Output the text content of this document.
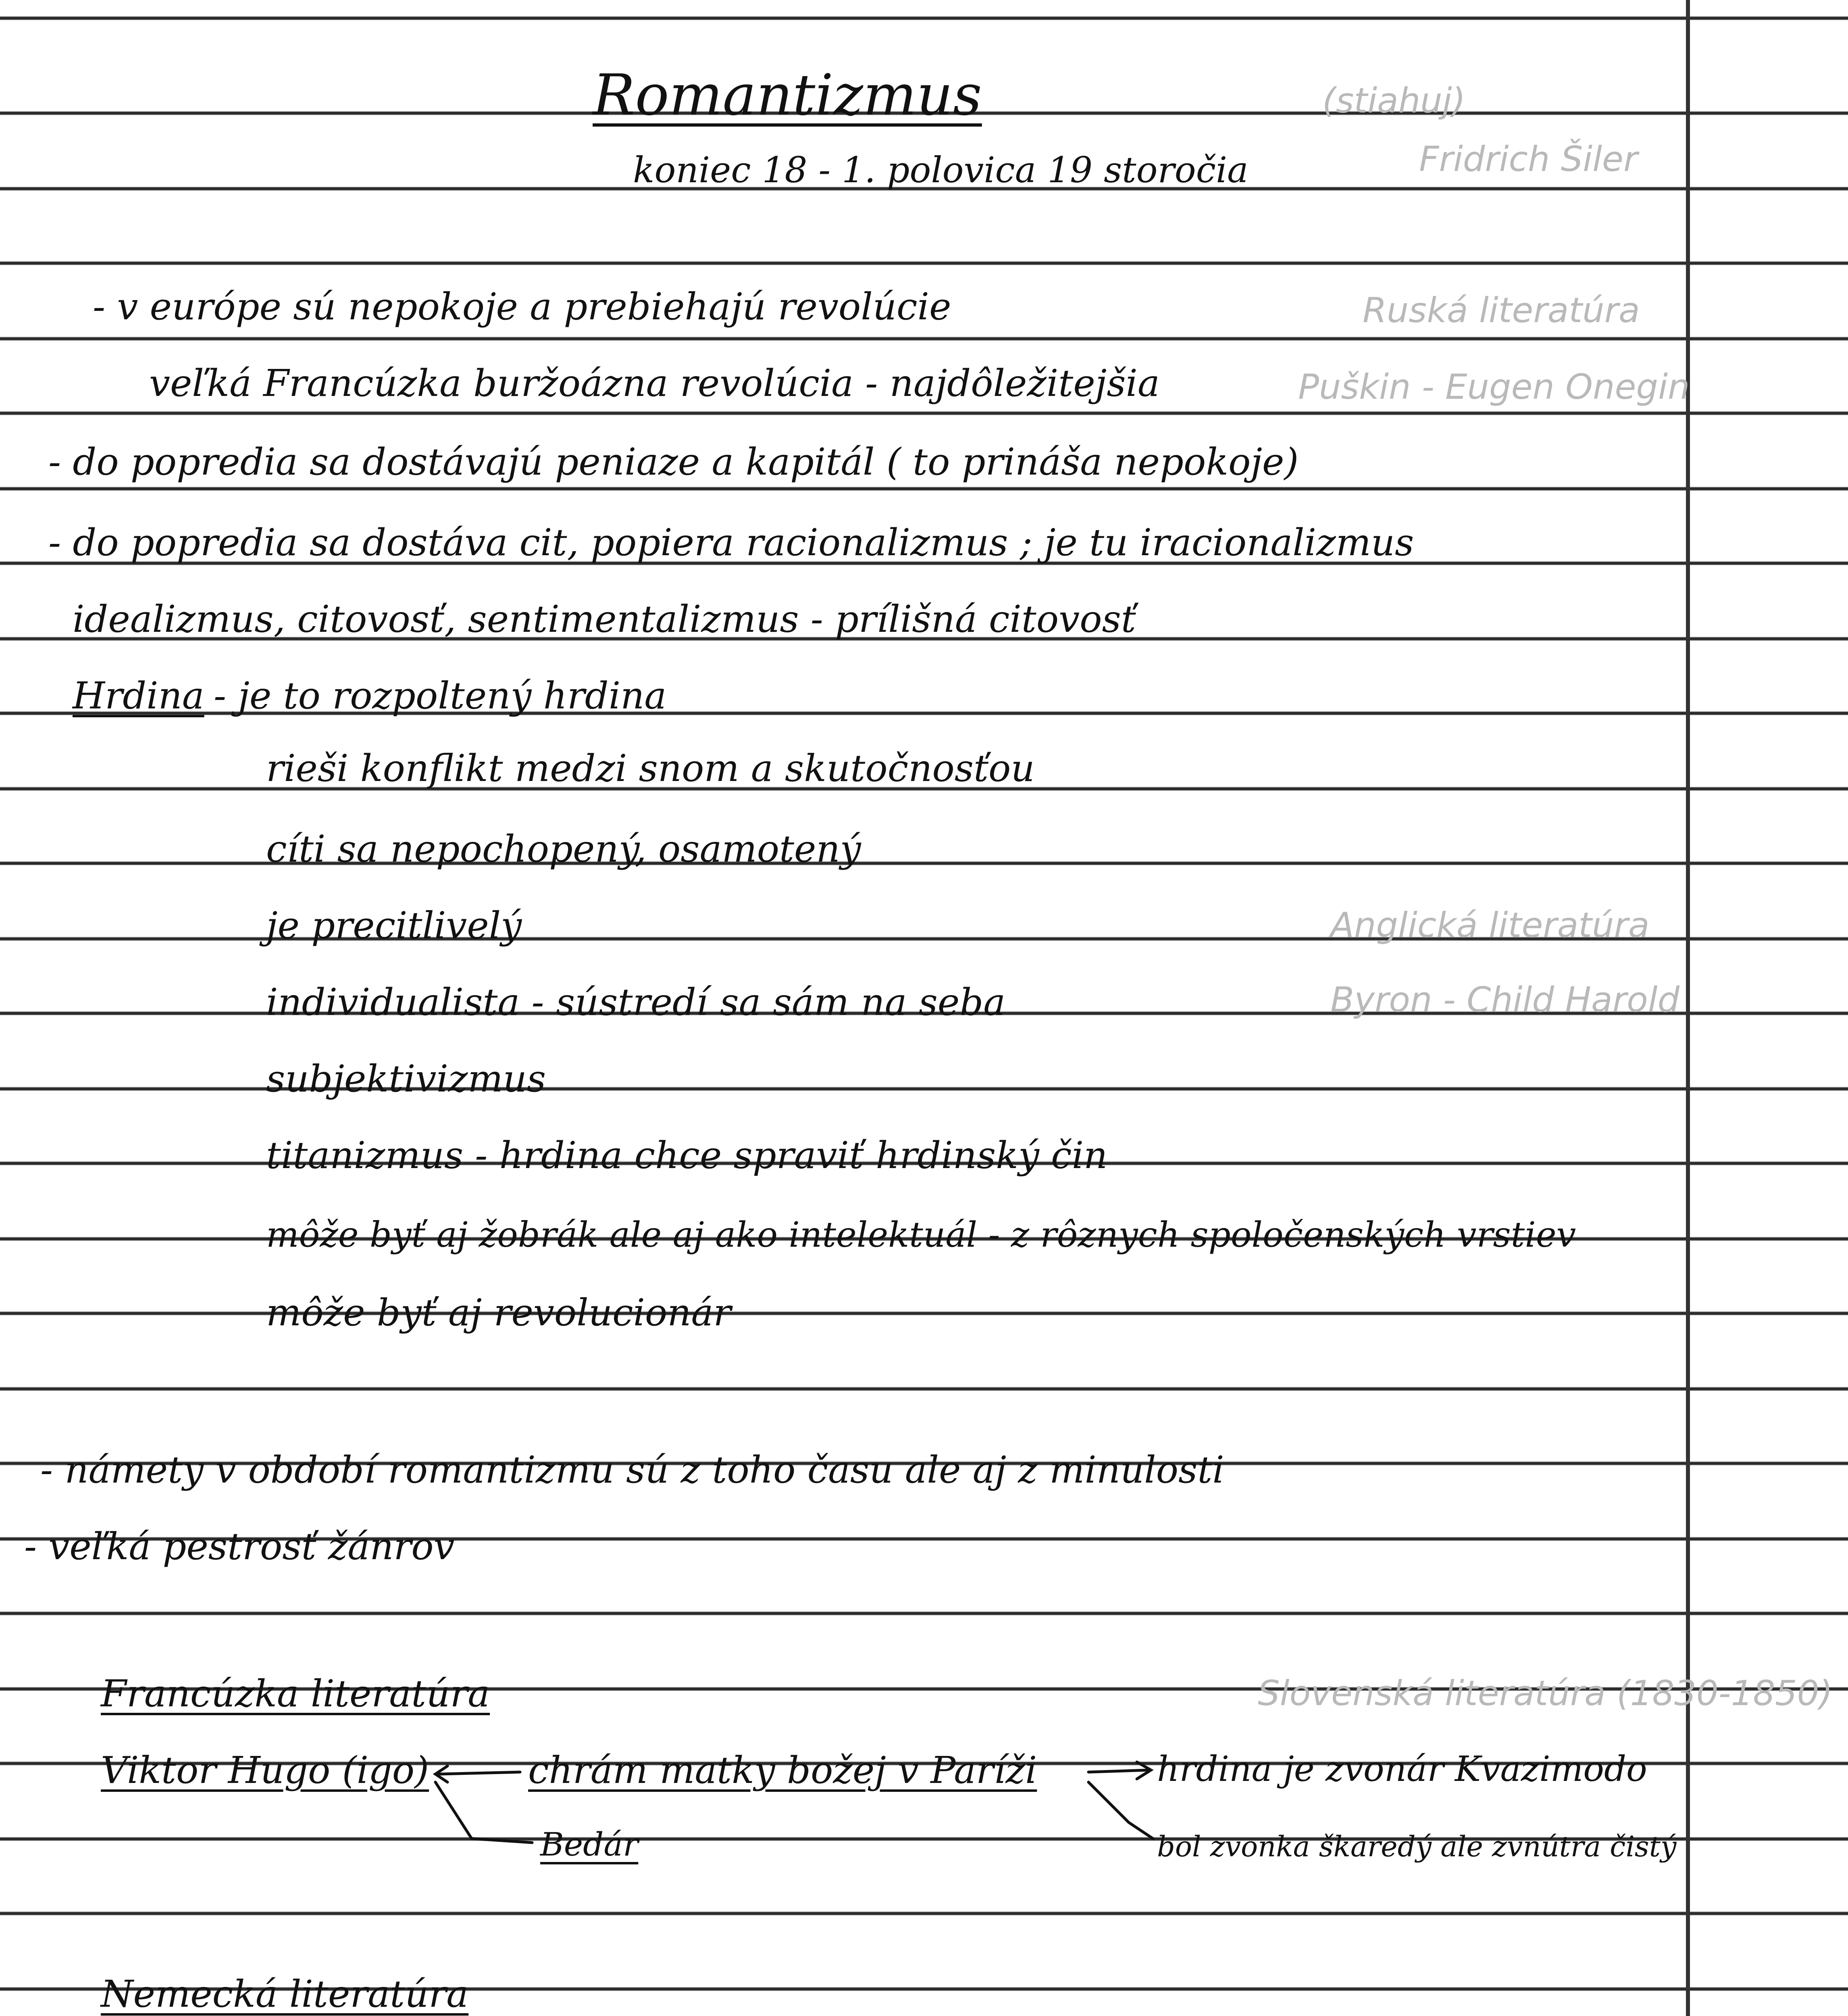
(stiahuj)
Fridrich Šiler
Ruská literatúra
Puškin - Eugen Onegin
Anglická literatúra
Byron - Child Harold
Slovenská literatúra (1830-1850)
Romantizmus
koniec 18 - 1. polovica 19 storočia
- v európe sú nepokoje a prebiehajú revolúcie
veľká Francúzka buržoázna revolúcia - najdôležitejšia
- do popredia sa dostávajú peniaze a kapitál ( to prináša nepokoje)
- do popredia sa dostáva cit, popiera racionalizmus ; je tu iracionalizmus
idealizmus, citovosť, sentimentalizmus - prílišná citovosť
Hrdina - je to rozpoltený hrdina
rieši konflikt medzi snom a skutočnosťou
cíti sa nepochopený, osamotený
je precitlivelý
individualista - sústredí sa sám na seba
subjektivizmus
titanizmus - hrdina chce spraviť hrdinský čin
môže byť aj žobrák ale aj ako intelektuál - z rôznych spoločenských vrstiev
môže byť aj revolucionár
- námety v období romantizmu sú z toho času ale aj z minulosti
- veľká pestrosť žánrov
Francúzka literatúra
Viktor Hugo (igo)	chrám matky božej v Paríži
Bedár
hrdina je zvonár Kvazimodo
bol zvonka škaredý ale zvnútra čistý
Nemecká literatúra
